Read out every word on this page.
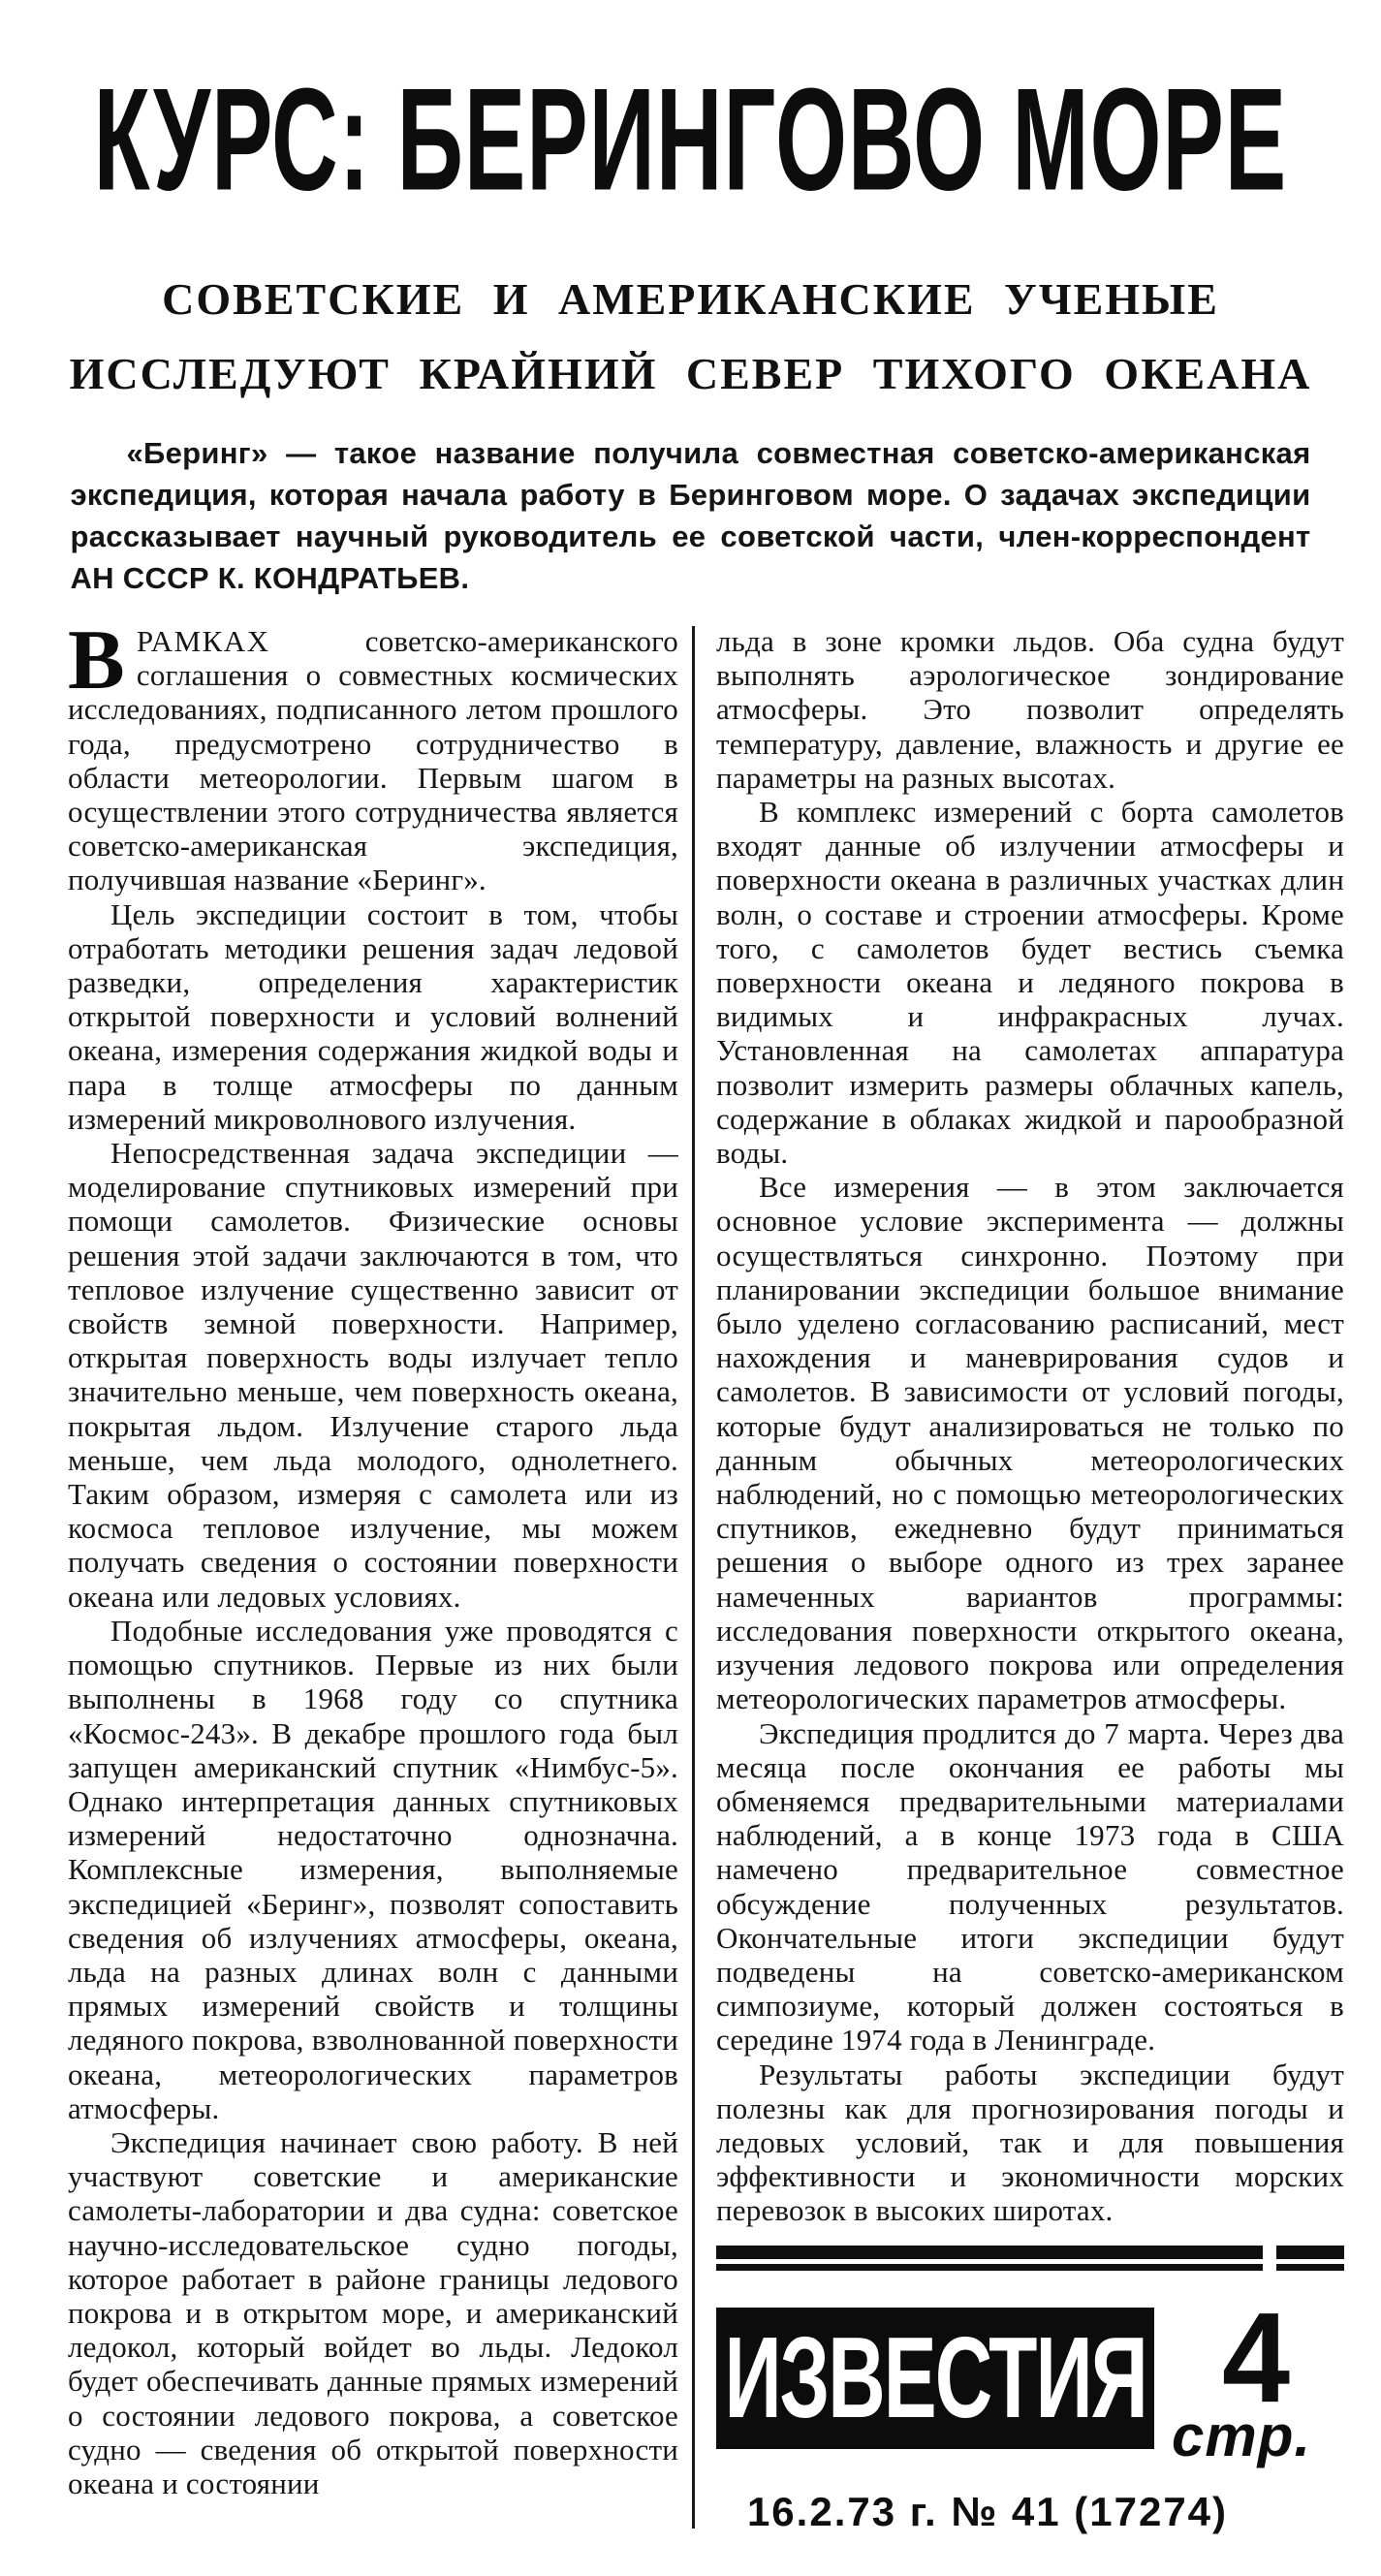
КУРС: БЕРИНГОВО МОРЕ
СОВЕТСКИЕ И АМЕРИКАНСКИЕ УЧЕНЫЕ
ИССЛЕДУЮТ КРАЙНИЙ СЕВЕР ТИХОГО ОКЕАНА
«Беринг» — такое название получила совместная советско-американская экспедиция, которая начала работу в Беринговом море. О задачах экспедиции рассказывает научный руководитель ее советской части, член-корреспондент АН СССР К. КОНДРАТЬЕВ.

ВРАМКАХ советско-американского соглашения о совместных космических исследованиях, подписанного летом прошлого года, предусмотрено сотрудничество в области метеорологии. Первым шагом в осуществлении этого сотрудничества является советско-американская экспедиция, получившая название «Беринг».

Цель экспедиции состоит в том, чтобы отработать методики решения задач ледовой разведки, определения характеристик открытой поверхности и условий волнений океана, измерения содержания жидкой воды и пара в толще атмосферы по данным измерений микроволнового излучения.

Непосредственная задача экспедиции — моделирование спутниковых измерений при помощи самолетов. Физические основы решения этой задачи заключаются в том, что тепловое излучение существенно зависит от свойств земной поверхности. Например, открытая поверхность воды излучает тепло значительно меньше, чем поверхность океана, покрытая льдом. Излучение старого льда меньше, чем льда молодого, однолетнего. Таким образом, измеряя с самолета или из космоса тепловое излучение, мы можем получать сведения о состоянии поверхности океана или ледовых условиях.

Подобные исследования уже проводятся с помощью спутников. Первые из них были выполнены в 1968 году со спутника «Космос-243». В декабре прошлого года был запущен американский спутник «Нимбус-5». Однако интерпретация данных спутниковых измерений недостаточно однозначна. Комплексные измерения, выполняемые экспедицией «Беринг», позволят сопоставить сведения об излучениях атмосферы, океана, льда на разных длинах волн с данными прямых измерений свойств и толщины ледяного покрова, взволнованной поверхности океана, метеорологических параметров атмосферы.

Экспедиция начинает свою работу. В ней участвуют советские и американские самолеты-лаборатории и два судна: советское научно-исследовательское судно погоды, которое работает в районе границы ледового покрова и в открытом море, и американский ледокол, который войдет во льды. Ледокол будет обеспечивать данные прямых измерений о состоянии ледового покрова, а советское судно — сведения об открытой поверхности океана и состоянии

льда в зоне кромки льдов. Оба судна будут выполнять аэрологическое зондирование атмосферы. Это позволит определять температуру, давление, влажность и другие ее параметры на разных высотах.

В комплекс измерений с борта самолетов входят данные об излучении атмосферы и поверхности океана в различных участках длин волн, о составе и строении атмосферы. Кроме того, с самолетов будет вестись съемка поверхности океана и ледяного покрова в видимых и инфракрасных лучах. Установленная на самолетах аппаратура позволит измерить размеры облачных капель, содержание в облаках жидкой и парообразной воды.

Все измерения — в этом заключается основное условие эксперимента — должны осуществляться синхронно. Поэтому при планировании экспедиции большое внимание было уделено согласованию расписаний, мест нахождения и маневрирования судов и самолетов. В зависимости от условий погоды, которые будут анализироваться не только по данным обычных метеорологических наблюдений, но с помощью метеорологических спутников, ежедневно будут приниматься решения о выборе одного из трех заранее намеченных вариантов программы: исследования поверхности открытого океана, изучения ледового покрова или определения метеорологических параметров атмосферы.

Экспедиция продлится до 7 марта. Через два месяца после окончания ее работы мы обменяемся предварительными материалами наблюдений, а в конце 1973 года в США намечено предварительное совместное обсуждение полученных результатов. Окончательные итоги экспедиции будут подведены на советско-американском симпозиуме, который должен состояться в середине 1974 года в Ленинграде.

Результаты работы экспедиции будут полезны как для прогнозирования погоды и ледовых условий, так и для повышения эффективности и экономичности морских перевозок в высоких широтах.

ИЗВЕСТИЯ 4
стр.
16.2.73 г. № 41 (17274)
